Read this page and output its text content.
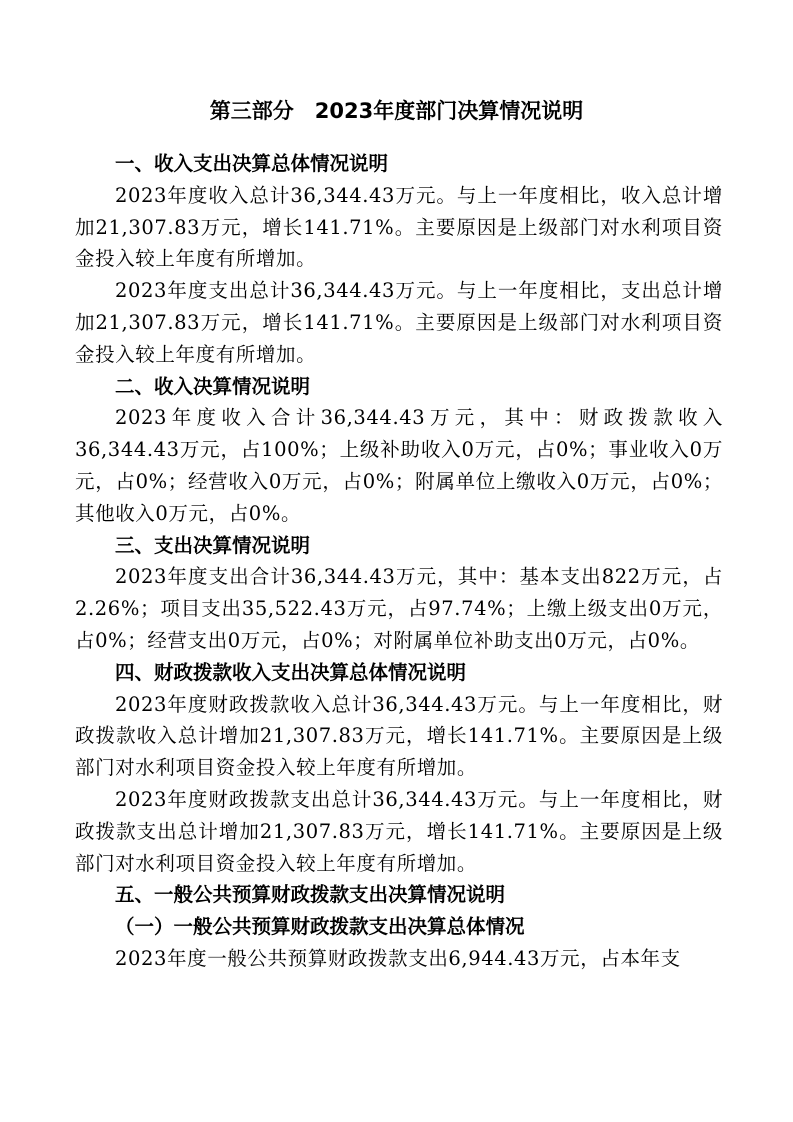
第三部分　2023年度部门决算情况说明

一、收入支出决算总体情况说明

2023年度收入总计36,344.43万元。与上一年度相比，收入总计增加21,307.83万元，增长141.71%。主要原因是上级部门对水利项目资金投入较上年度有所增加。

2023年度支出总计36,344.43万元。与上一年度相比，支出总计增加21,307.83万元，增长141.71%。主要原因是上级部门对水利项目资金投入较上年度有所增加。

二、收入决算情况说明

2023年度收入合计36,344.43万元，其中：财政拨款收入36,344.43万元，占100%；上级补助收入0万元，占0%；事业收入0万元，占0%；经营收入0万元，占0%；附属单位上缴收入0万元，占0%；其他收入0万元，占0%。

三、支出决算情况说明

2023年度支出合计36,344.43万元，其中：基本支出822万元，占2.26%；项目支出35,522.43万元，占97.74%；上缴上级支出0万元，占0%；经营支出0万元，占0%；对附属单位补助支出0万元，占0%。

四、财政拨款收入支出决算总体情况说明

2023年度财政拨款收入总计36,344.43万元。与上一年度相比，财政拨款收入总计增加21,307.83万元，增长141.71%。主要原因是上级部门对水利项目资金投入较上年度有所增加。

2023年度财政拨款支出总计36,344.43万元。与上一年度相比，财政拨款支出总计增加21,307.83万元，增长141.71%。主要原因是上级部门对水利项目资金投入较上年度有所增加。

五、一般公共预算财政拨款支出决算情况说明

（一）一般公共预算财政拨款支出决算总体情况

2023年度一般公共预算财政拨款支出6,944.43万元，占本年支
